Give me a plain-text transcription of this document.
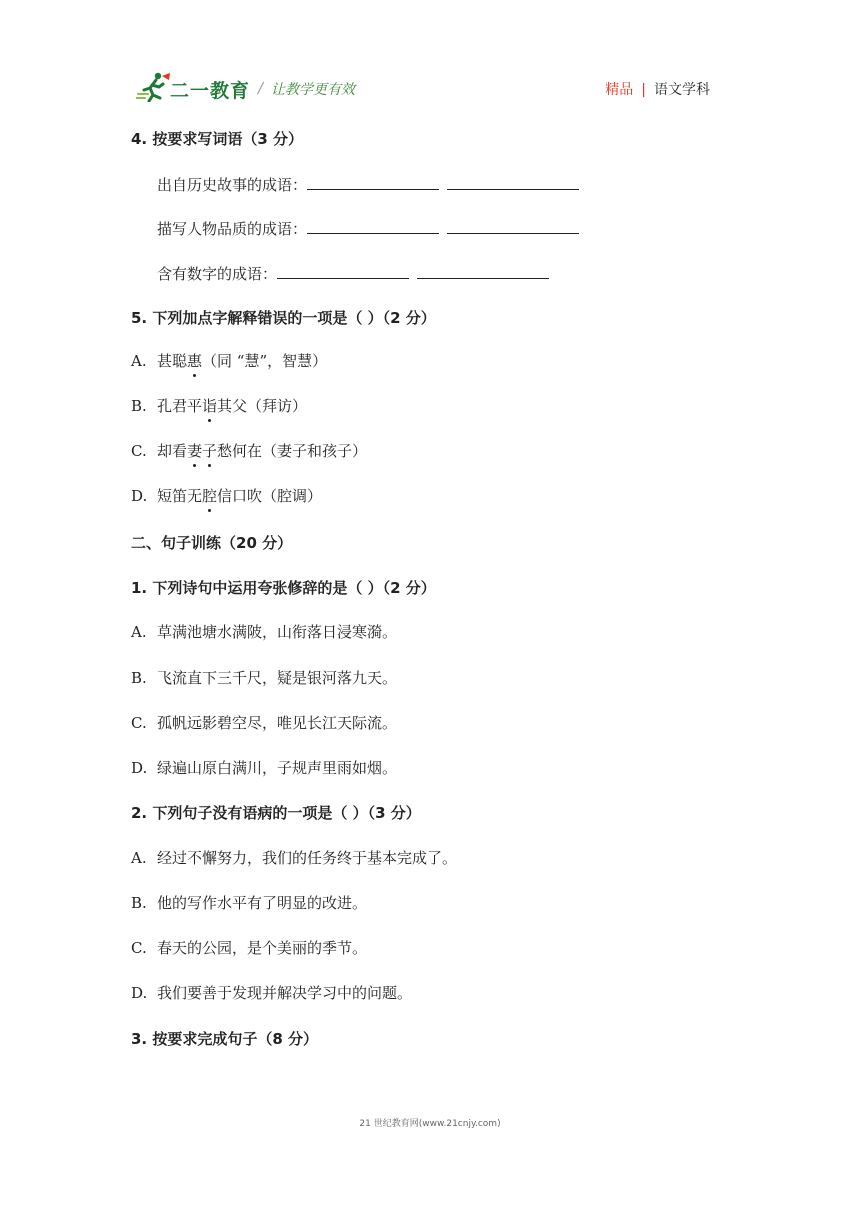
二一教育 / 让教学更有效	精品 | 语文学科
4. 按要求写词语（3 分）
出自历史故事的成语：
描写人物品质的成语：
含有数字的成语：
5. 下列加点字解释错误的一项是（ ）（2 分）
A. 甚聪惠（同 “慧”，智慧）
B. 孔君平诣其父（拜访）
C. 却看妻子愁何在（妻子和孩子）
D. 短笛无腔信口吹（腔调）
二、句子训练（20 分）
1. 下列诗句中运用夸张修辞的是（ ）（2 分）
A. 草满池塘水满陂，山衔落日浸寒漪。
B. 飞流直下三千尺，疑是银河落九天。
C. 孤帆远影碧空尽，唯见长江天际流。
D. 绿遍山原白满川，子规声里雨如烟。
2. 下列句子没有语病的一项是（ ）（3 分）
A. 经过不懈努力，我们的任务终于基本完成了。
B. 他的写作水平有了明显的改进。
C. 春天的公园，是个美丽的季节。
D. 我们要善于发现并解决学习中的问题。
3. 按要求完成句子（8 分）
21 世纪教育网(www.21cnjy.com)
